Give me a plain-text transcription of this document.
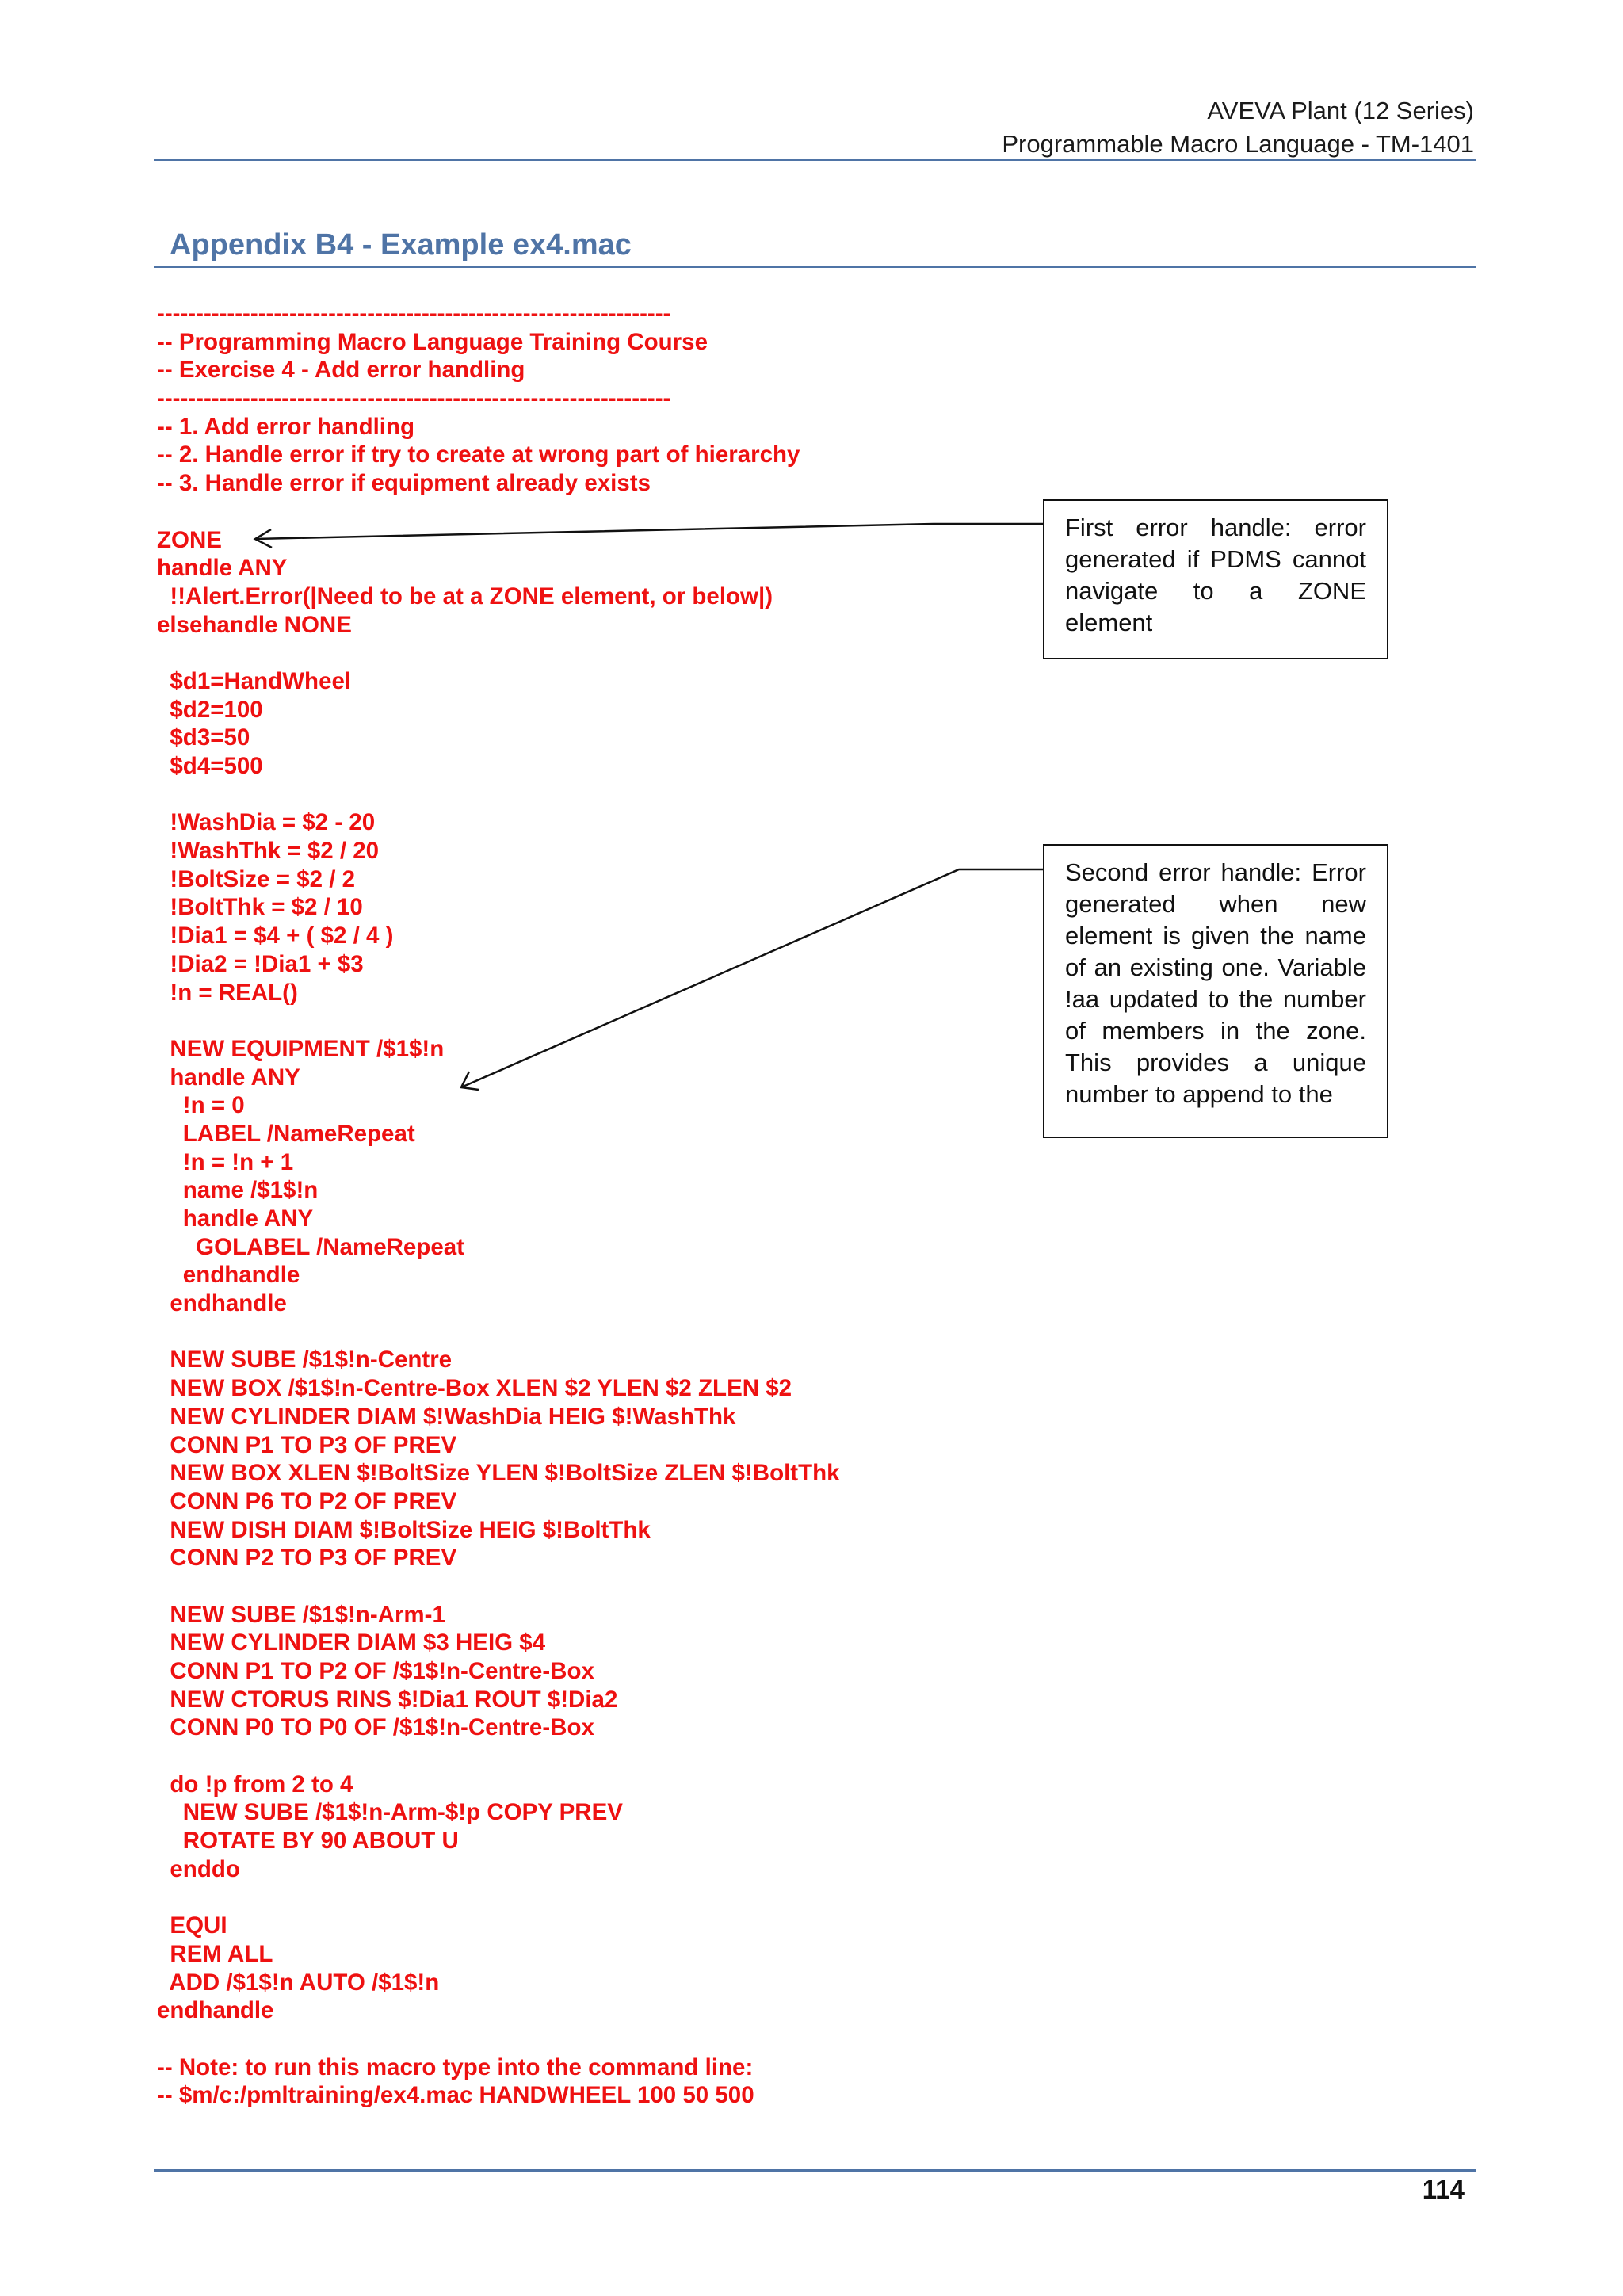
AVEVA Plant (12 Series)
Programmable Macro Language - TM-1401
Appendix B4 - Example ex4.mac
------------------------------------------------------------------
-- Programming Macro Language Training Course
-- Exercise 4 - Add error handling
------------------------------------------------------------------
-- 1. Add error handling
-- 2. Handle error if try to create at wrong part of hierarchy
-- 3. Handle error if equipment already exists
ZONE
handle ANY
!!Alert.Error(|Need to be at a ZONE element, or below|)
elsehandle NONE
$d1=HandWheel
$d2=100
$d3=50
$d4=500
!WashDia = $2 - 20
!WashThk = $2 / 20
!BoltSize = $2 / 2
!BoltThk = $2 / 10
!Dia1 = $4 + ( $2 / 4 )
!Dia2 = !Dia1 + $3
!n = REAL()
NEW EQUIPMENT /$1$!n
handle ANY
!n = 0
LABEL /NameRepeat
!n = !n + 1
name /$1$!n
handle ANY
GOLABEL /NameRepeat
endhandle
endhandle
NEW SUBE /$1$!n-Centre
NEW BOX /$1$!n-Centre-Box XLEN $2 YLEN $2 ZLEN $2
NEW CYLINDER DIAM $!WashDia HEIG $!WashThk
CONN P1 TO P3 OF PREV
NEW BOX XLEN $!BoltSize YLEN $!BoltSize ZLEN $!BoltThk
CONN P6 TO P2 OF PREV
NEW DISH DIAM $!BoltSize HEIG $!BoltThk
CONN P2 TO P3 OF PREV
NEW SUBE /$1$!n-Arm-1
NEW CYLINDER DIAM $3 HEIG $4
CONN P1 TO P2 OF /$1$!n-Centre-Box
NEW CTORUS RINS $!Dia1 ROUT $!Dia2
CONN P0 TO P0 OF /$1$!n-Centre-Box
do !p from 2 to 4
NEW SUBE /$1$!n-Arm-$!p COPY PREV
ROTATE BY 90 ABOUT U
enddo
EQUI
REM ALL
ADD /$1$!n AUTO /$1$!n
endhandle
-- Note: to run this macro type into the command line:
-- $m/c:/pmltraining/ex4.mac HANDWHEEL 100 50 500
First error handle: error generated if PDMS cannot navigate to a ZONE element
Second error handle: Error generated when new element is given the name of an existing one. Variable !aa updated to the number of members in the zone. This provides a unique number to append to the
114
